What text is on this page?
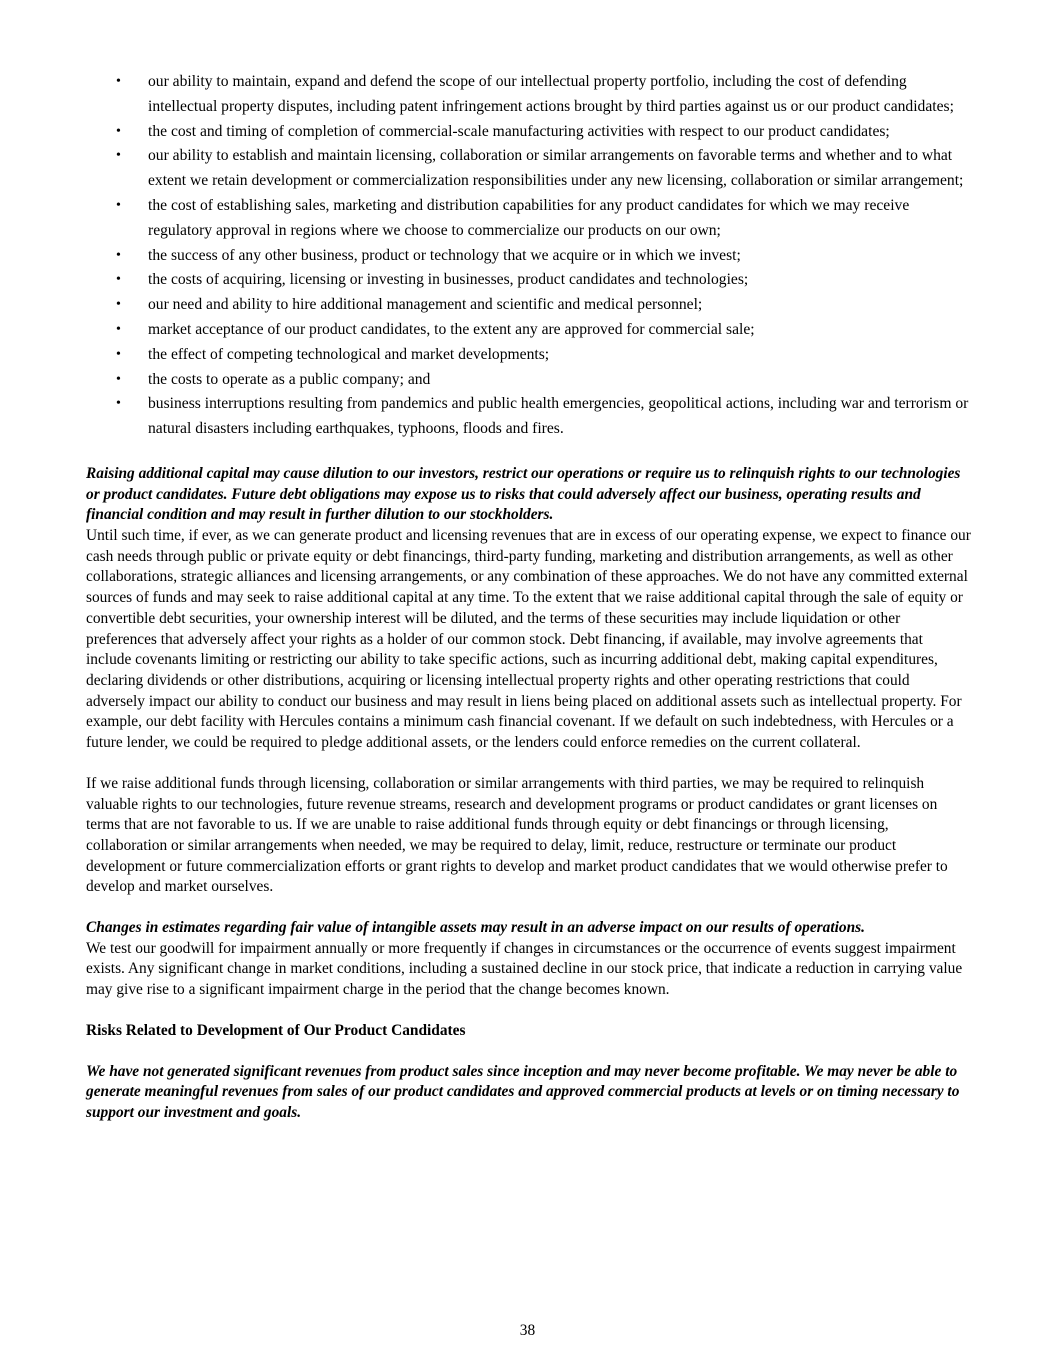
• our ability to maintain, expand and defend the scope of our intellectual property portfolio, including the cost of defending intellectual property disputes, including patent infringement actions brought by third parties against us or our product candidates;
• the cost and timing of completion of commercial-scale manufacturing activities with respect to our product candidates;
• our ability to establish and maintain licensing, collaboration or similar arrangements on favorable terms and whether and to what extent we retain development or commercialization responsibilities under any new licensing, collaboration or similar arrangement;
• the cost of establishing sales, marketing and distribution capabilities for any product candidates for which we may receive regulatory approval in regions where we choose to commercialize our products on our own;
• the success of any other business, product or technology that we acquire or in which we invest;
• the costs of acquiring, licensing or investing in businesses, product candidates and technologies;
• our need and ability to hire additional management and scientific and medical personnel;
• market acceptance of our product candidates, to the extent any are approved for commercial sale;
• the effect of competing technological and market developments;
• the costs to operate as a public company; and
• business interruptions resulting from pandemics and public health emergencies, geopolitical actions, including war and terrorism or natural disasters including earthquakes, typhoons, floods and fires.
Raising additional capital may cause dilution to our investors, restrict our operations or require us to relinquish rights to our technologies or product candidates. Future debt obligations may expose us to risks that could adversely affect our business, operating results and financial condition and may result in further dilution to our stockholders.
Until such time, if ever, as we can generate product and licensing revenues that are in excess of our operating expense, we expect to finance our cash needs through public or private equity or debt financings, third-party funding, marketing and distribution arrangements, as well as other collaborations, strategic alliances and licensing arrangements, or any combination of these approaches. We do not have any committed external sources of funds and may seek to raise additional capital at any time. To the extent that we raise additional capital through the sale of equity or convertible debt securities, your ownership interest will be diluted, and the terms of these securities may include liquidation or other preferences that adversely affect your rights as a holder of our common stock. Debt financing, if available, may involve agreements that include covenants limiting or restricting our ability to take specific actions, such as incurring additional debt, making capital expenditures, declaring dividends or other distributions, acquiring or licensing intellectual property rights and other operating restrictions that could adversely impact our ability to conduct our business and may result in liens being placed on additional assets such as intellectual property. For example, our debt facility with Hercules contains a minimum cash financial covenant. If we default on such indebtedness, with Hercules or a future lender, we could be required to pledge additional assets, or the lenders could enforce remedies on the current collateral.
If we raise additional funds through licensing, collaboration or similar arrangements with third parties, we may be required to relinquish valuable rights to our technologies, future revenue streams, research and development programs or product candidates or grant licenses on terms that are not favorable to us. If we are unable to raise additional funds through equity or debt financings or through licensing, collaboration or similar arrangements when needed, we may be required to delay, limit, reduce, restructure or terminate our product development or future commercialization efforts or grant rights to develop and market product candidates that we would otherwise prefer to develop and market ourselves.
Changes in estimates regarding fair value of intangible assets may result in an adverse impact on our results of operations.
We test our goodwill for impairment annually or more frequently if changes in circumstances or the occurrence of events suggest impairment exists. Any significant change in market conditions, including a sustained decline in our stock price, that indicate a reduction in carrying value may give rise to a significant impairment charge in the period that the change becomes known.
Risks Related to Development of Our Product Candidates
We have not generated significant revenues from product sales since inception and may never become profitable. We may never be able to generate meaningful revenues from sales of our product candidates and approved commercial products at levels or on timing necessary to support our investment and goals.
38
